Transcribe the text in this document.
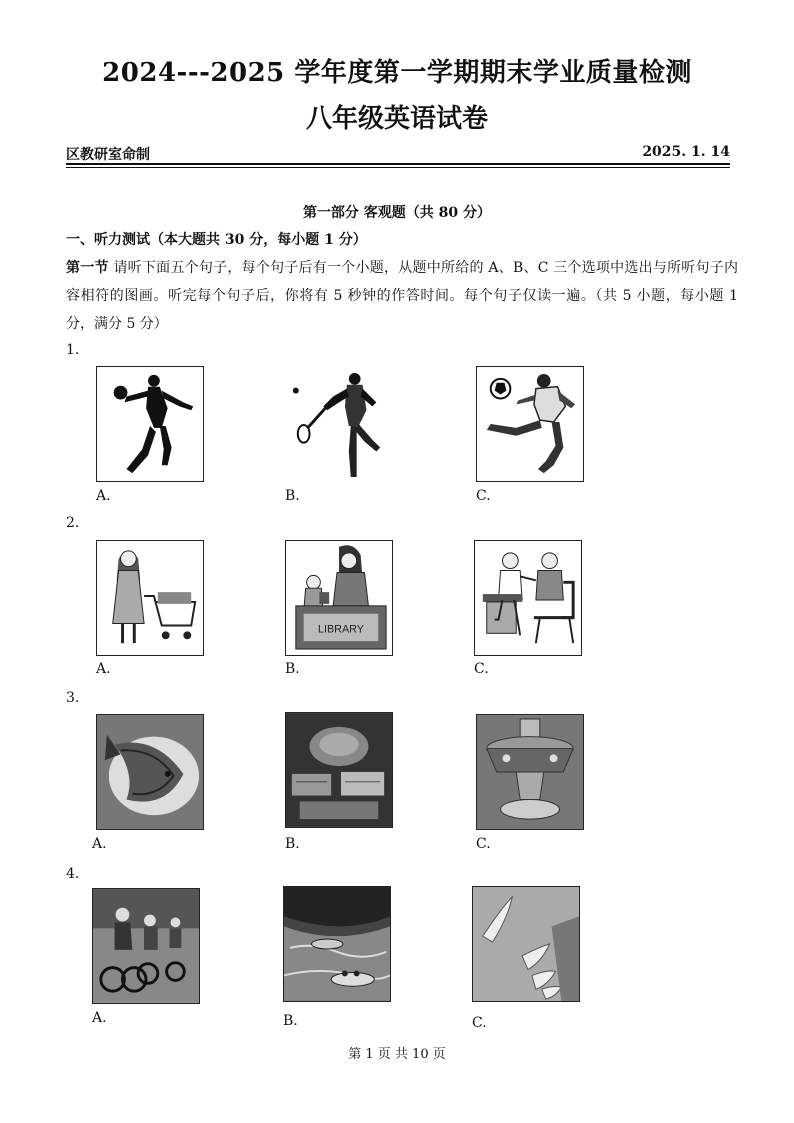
2024---2025 学年度第一学期期末学业质量检测
八年级英语试卷
区教研室命制	2025. 1. 14
第一部分 客观题（共 80 分）
一、听力测试（本大题共 30 分，每小题 1 分）
第一节 请听下面五个句子，每个句子后有一个小题，从题中所给的 A、B、C 三个选项中选出与所听句子内容相符的图画。听完每个句子后，你将有 5 秒钟的作答时间。每个句子仅读一遍。（共 5 小题，每小题 1 分，满分 5 分）
1.
A.	B.	C.
2.
A.
LIBRARY
B.	C.
3.
A.	B.	C.
4.
A.	B.	C.
第 1 页 共 10 页
